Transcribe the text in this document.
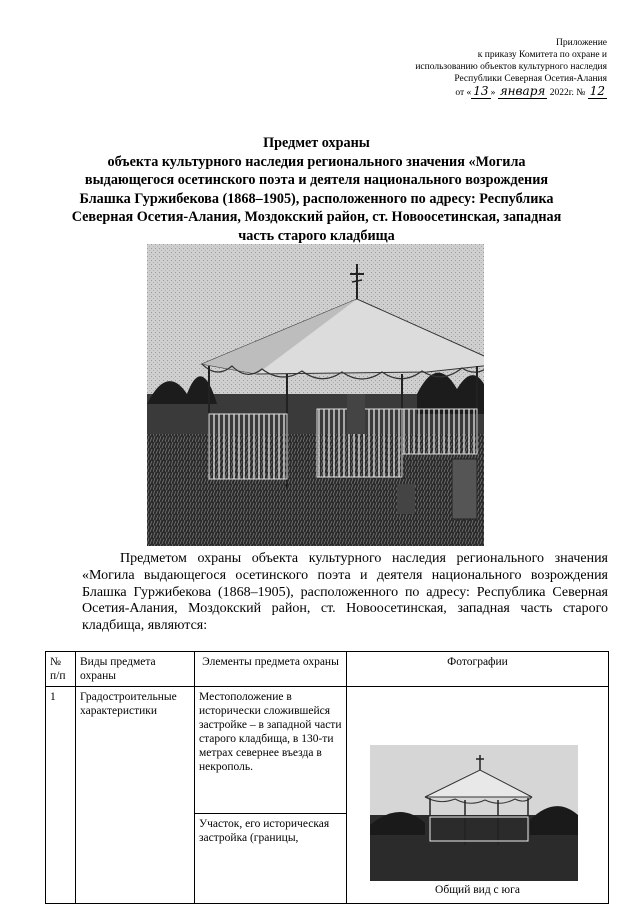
Приложение
к приказу Комитета по охране и
использованию объектов культурного наследия
Республики Северная Осетия-Алания
от « 13 » января 2022г. № 12
Предмет охраны
объекта культурного наследия регионального значения «Могила
выдающегося осетинского поэта и деятеля национального возрождения
Блашка Гуржибекова (1868–1905), расположенного по адресу: Республика
Северная Осетия-Алания, Моздокский район, ст. Новоосетинская, западная
часть старого кладбища
Предметом охраны объекта культурного наследия регионального значения «Могила выдающегося осетинского поэта и деятеля национального возрождения Блашка Гуржибекова (1868–1905), расположенного по адресу: Республика Северная Осетия-Алания, Моздокский район, ст. Новоосетинская, западная часть старого кладбища, являются:
№ п/п	Виды предмета охраны	Элементы предмета охраны	Фотографии
1	Градостроительные характеристики	Местоположение в исторически сложившейся застройке – в западной части старого кладбища, в 130-ти метрах севернее въезда в некрополь.	Общий вид с юга

		Участок, его историческая застройка (границы,	
